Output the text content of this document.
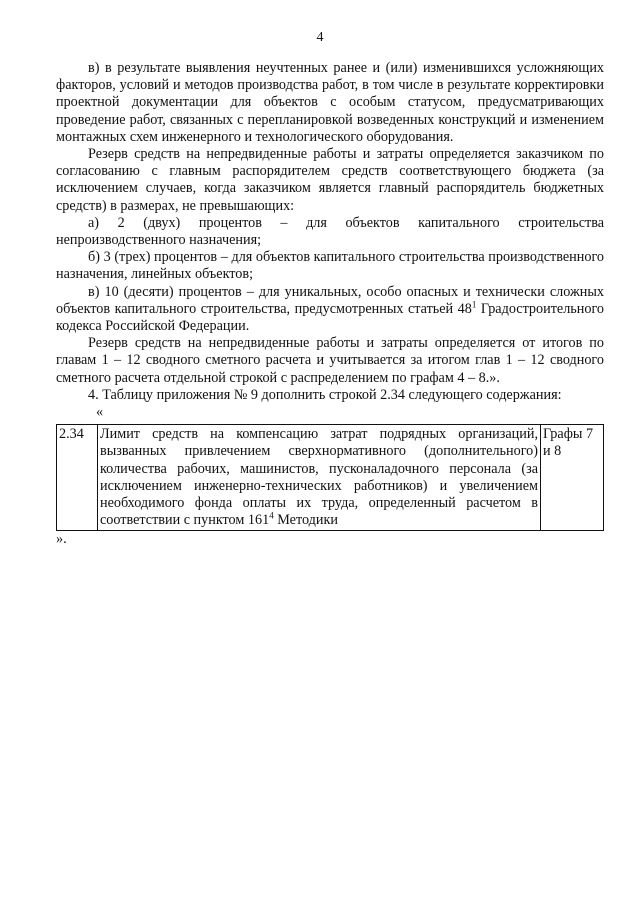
4

в) в результате выявления неучтенных ранее и (или) изменившихся усложняющих факторов, условий и методов производства работ, в том числе в результате корректировки проектной документации для объектов с особым статусом, предусматривающих проведение работ, связанных с перепланировкой возведенных конструкций и изменением монтажных схем инженерного и технологического оборудования.

Резерв средств на непредвиденные работы и затраты определяется заказчиком по согласованию с главным распорядителем средств соответствующего бюджета (за исключением случаев, когда заказчиком является главный распорядитель бюджетных средств) в размерах, не превышающих:

а) 2 (двух) процентов – для объектов капитального строительства непроизводственного назначения;

б) 3 (трех) процентов – для объектов капитального строительства производственного назначения, линейных объектов;

в) 10 (десяти) процентов – для уникальных, особо опасных и технически сложных объектов капитального строительства, предусмотренных статьей $48^1$ Градостроительного кодекса Российской Федерации.

Резерв средств на непредвиденные работы и затраты определяется от итогов по главам 1 – 12 сводного сметного расчета и учитывается за итогом глав 1 – 12 сводного сметного расчета отдельной строкой с распределением по графам 4 – 8.».

4. Таблицу приложения № 9 дополнить строкой 2.34 следующего содержания:

«

2.34	Лимит средств на компенсацию затрат подрядных организаций, вызванных привлечением сверхнормативного (дополнительного) количества рабочих, машинистов, пусконаладочного персонала (за исключением инженерно-технических работников) и увеличением необходимого фонда оплаты их труда, определенный расчетом в соответствии с пунктом $161^4$ Методики	Графы 7 и 8

».
